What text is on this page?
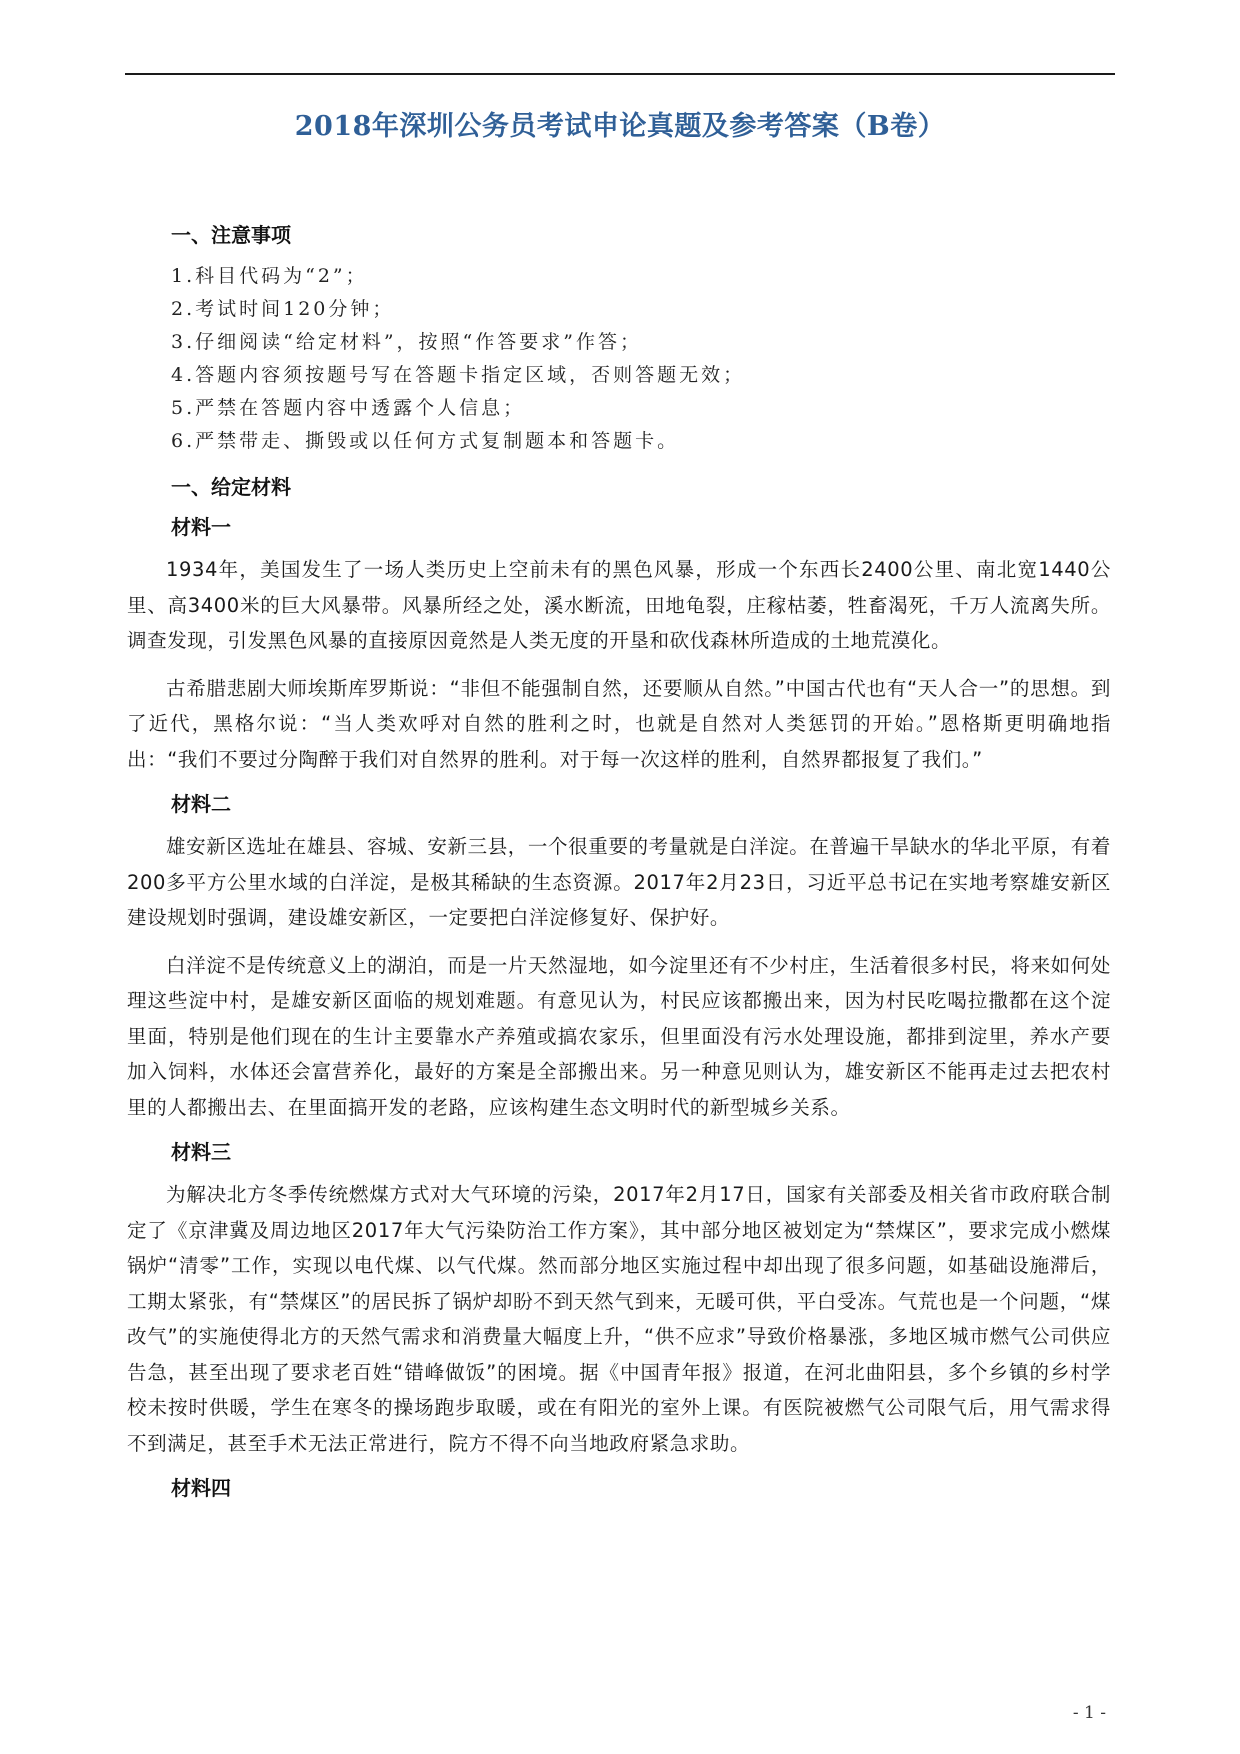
2018年深圳公务员考试申论真题及参考答案（B卷）
一、注意事项

1.科目代码为“2”；

2.考试时间120分钟；

3.仔细阅读“给定材料”，按照“作答要求”作答；

4.答题内容须按题号写在答题卡指定区域，否则答题无效；

5.严禁在答题内容中透露个人信息；

6.严禁带走、撕毁或以任何方式复制题本和答题卡。

一、给定材料
材料一

1934年，美国发生了一场人类历史上空前未有的黑色风暴，形成一个东西长2400公里、南北宽1440公里、高3400米的巨大风暴带。风暴所经之处，溪水断流，田地龟裂，庄稼枯萎，牲畜渴死，千万人流离失所。调查发现，引发黑色风暴的直接原因竟然是人类无度的开垦和砍伐森林所造成的土地荒漠化。

古希腊悲剧大师埃斯库罗斯说：“非但不能强制自然，还要顺从自然。”中国古代也有“天人合一”的思想。到了近代，黑格尔说：“当人类欢呼对自然的胜利之时，也就是自然对人类惩罚的开始。”恩格斯更明确地指出：“我们不要过分陶醉于我们对自然界的胜利。对于每一次这样的胜利，自然界都报复了我们。”

材料二

雄安新区选址在雄县、容城、安新三县，一个很重要的考量就是白洋淀。在普遍干旱缺水的华北平原，有着200多平方公里水域的白洋淀，是极其稀缺的生态资源。2017年2月23日，习近平总书记在实地考察雄安新区建设规划时强调，建设雄安新区，一定要把白洋淀修复好、保护好。

白洋淀不是传统意义上的湖泊，而是一片天然湿地，如今淀里还有不少村庄，生活着很多村民，将来如何处理这些淀中村，是雄安新区面临的规划难题。有意见认为，村民应该都搬出来，因为村民吃喝拉撒都在这个淀里面，特别是他们现在的生计主要靠水产养殖或搞农家乐，但里面没有污水处理设施，都排到淀里，养水产要加入饲料，水体还会富营养化，最好的方案是全部搬出来。另一种意见则认为，雄安新区不能再走过去把农村里的人都搬出去、在里面搞开发的老路，应该构建生态文明时代的新型城乡关系。

材料三

为解决北方冬季传统燃煤方式对大气环境的污染，2017年2月17日，国家有关部委及相关省市政府联合制定了《京津冀及周边地区2017年大气污染防治工作方案》，其中部分地区被划定为“禁煤区”，要求完成小燃煤锅炉“清零”工作，实现以电代煤、以气代煤。然而部分地区实施过程中却出现了很多问题，如基础设施滞后，工期太紧张，有“禁煤区”的居民拆了锅炉却盼不到天然气到来，无暖可供，平白受冻。气荒也是一个问题，“煤改气”的实施使得北方的天然气需求和消费量大幅度上升，“供不应求”导致价格暴涨，多地区城市燃气公司供应告急，甚至出现了要求老百姓“错峰做饭”的困境。据《中国青年报》报道，在河北曲阳县，多个乡镇的乡村学校未按时供暖，学生在寒冬的操场跑步取暖，或在有阳光的室外上课。有医院被燃气公司限气后，用气需求得不到满足，甚至手术无法正常进行，院方不得不向当地政府紧急求助。

材料四
- 1 -
